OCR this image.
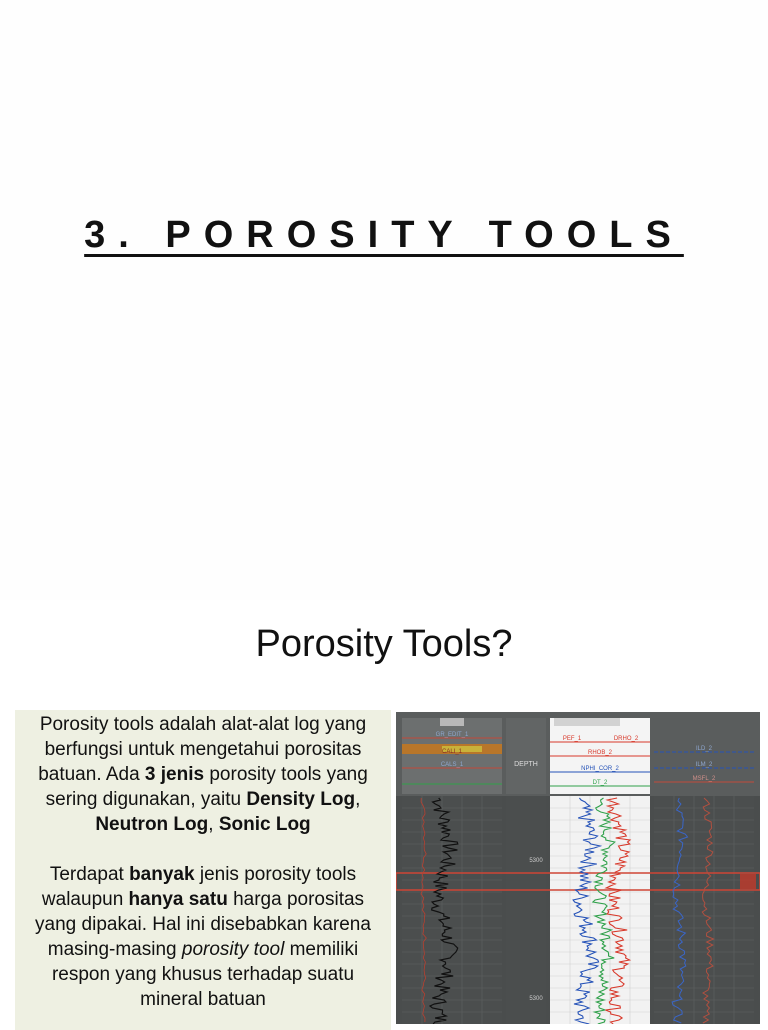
3. POROSITY TOOLS
Porosity Tools?

Porosity tools adalah alat-alat log yang berfungsi untuk mengetahui porositas batuan. Ada 3 jenis porosity tools yang sering digunakan, yaitu Density Log, Neutron Log, Sonic Log

Terdapat banyak jenis porosity tools walaupun hanya satu harga porositas yang dipakai. Hal ini disebabkan karena masing-masing porosity tool memiliki respon yang khusus terhadap suatu mineral batuan

GR_EDIT_1
CALI_1
CALS_1	DEPTH
PEF_1	DRHO_2
RHOB_2
NPHI_COR_2
DT_2
ILD_2
ILM_2
MSFL_2
5300
5300
